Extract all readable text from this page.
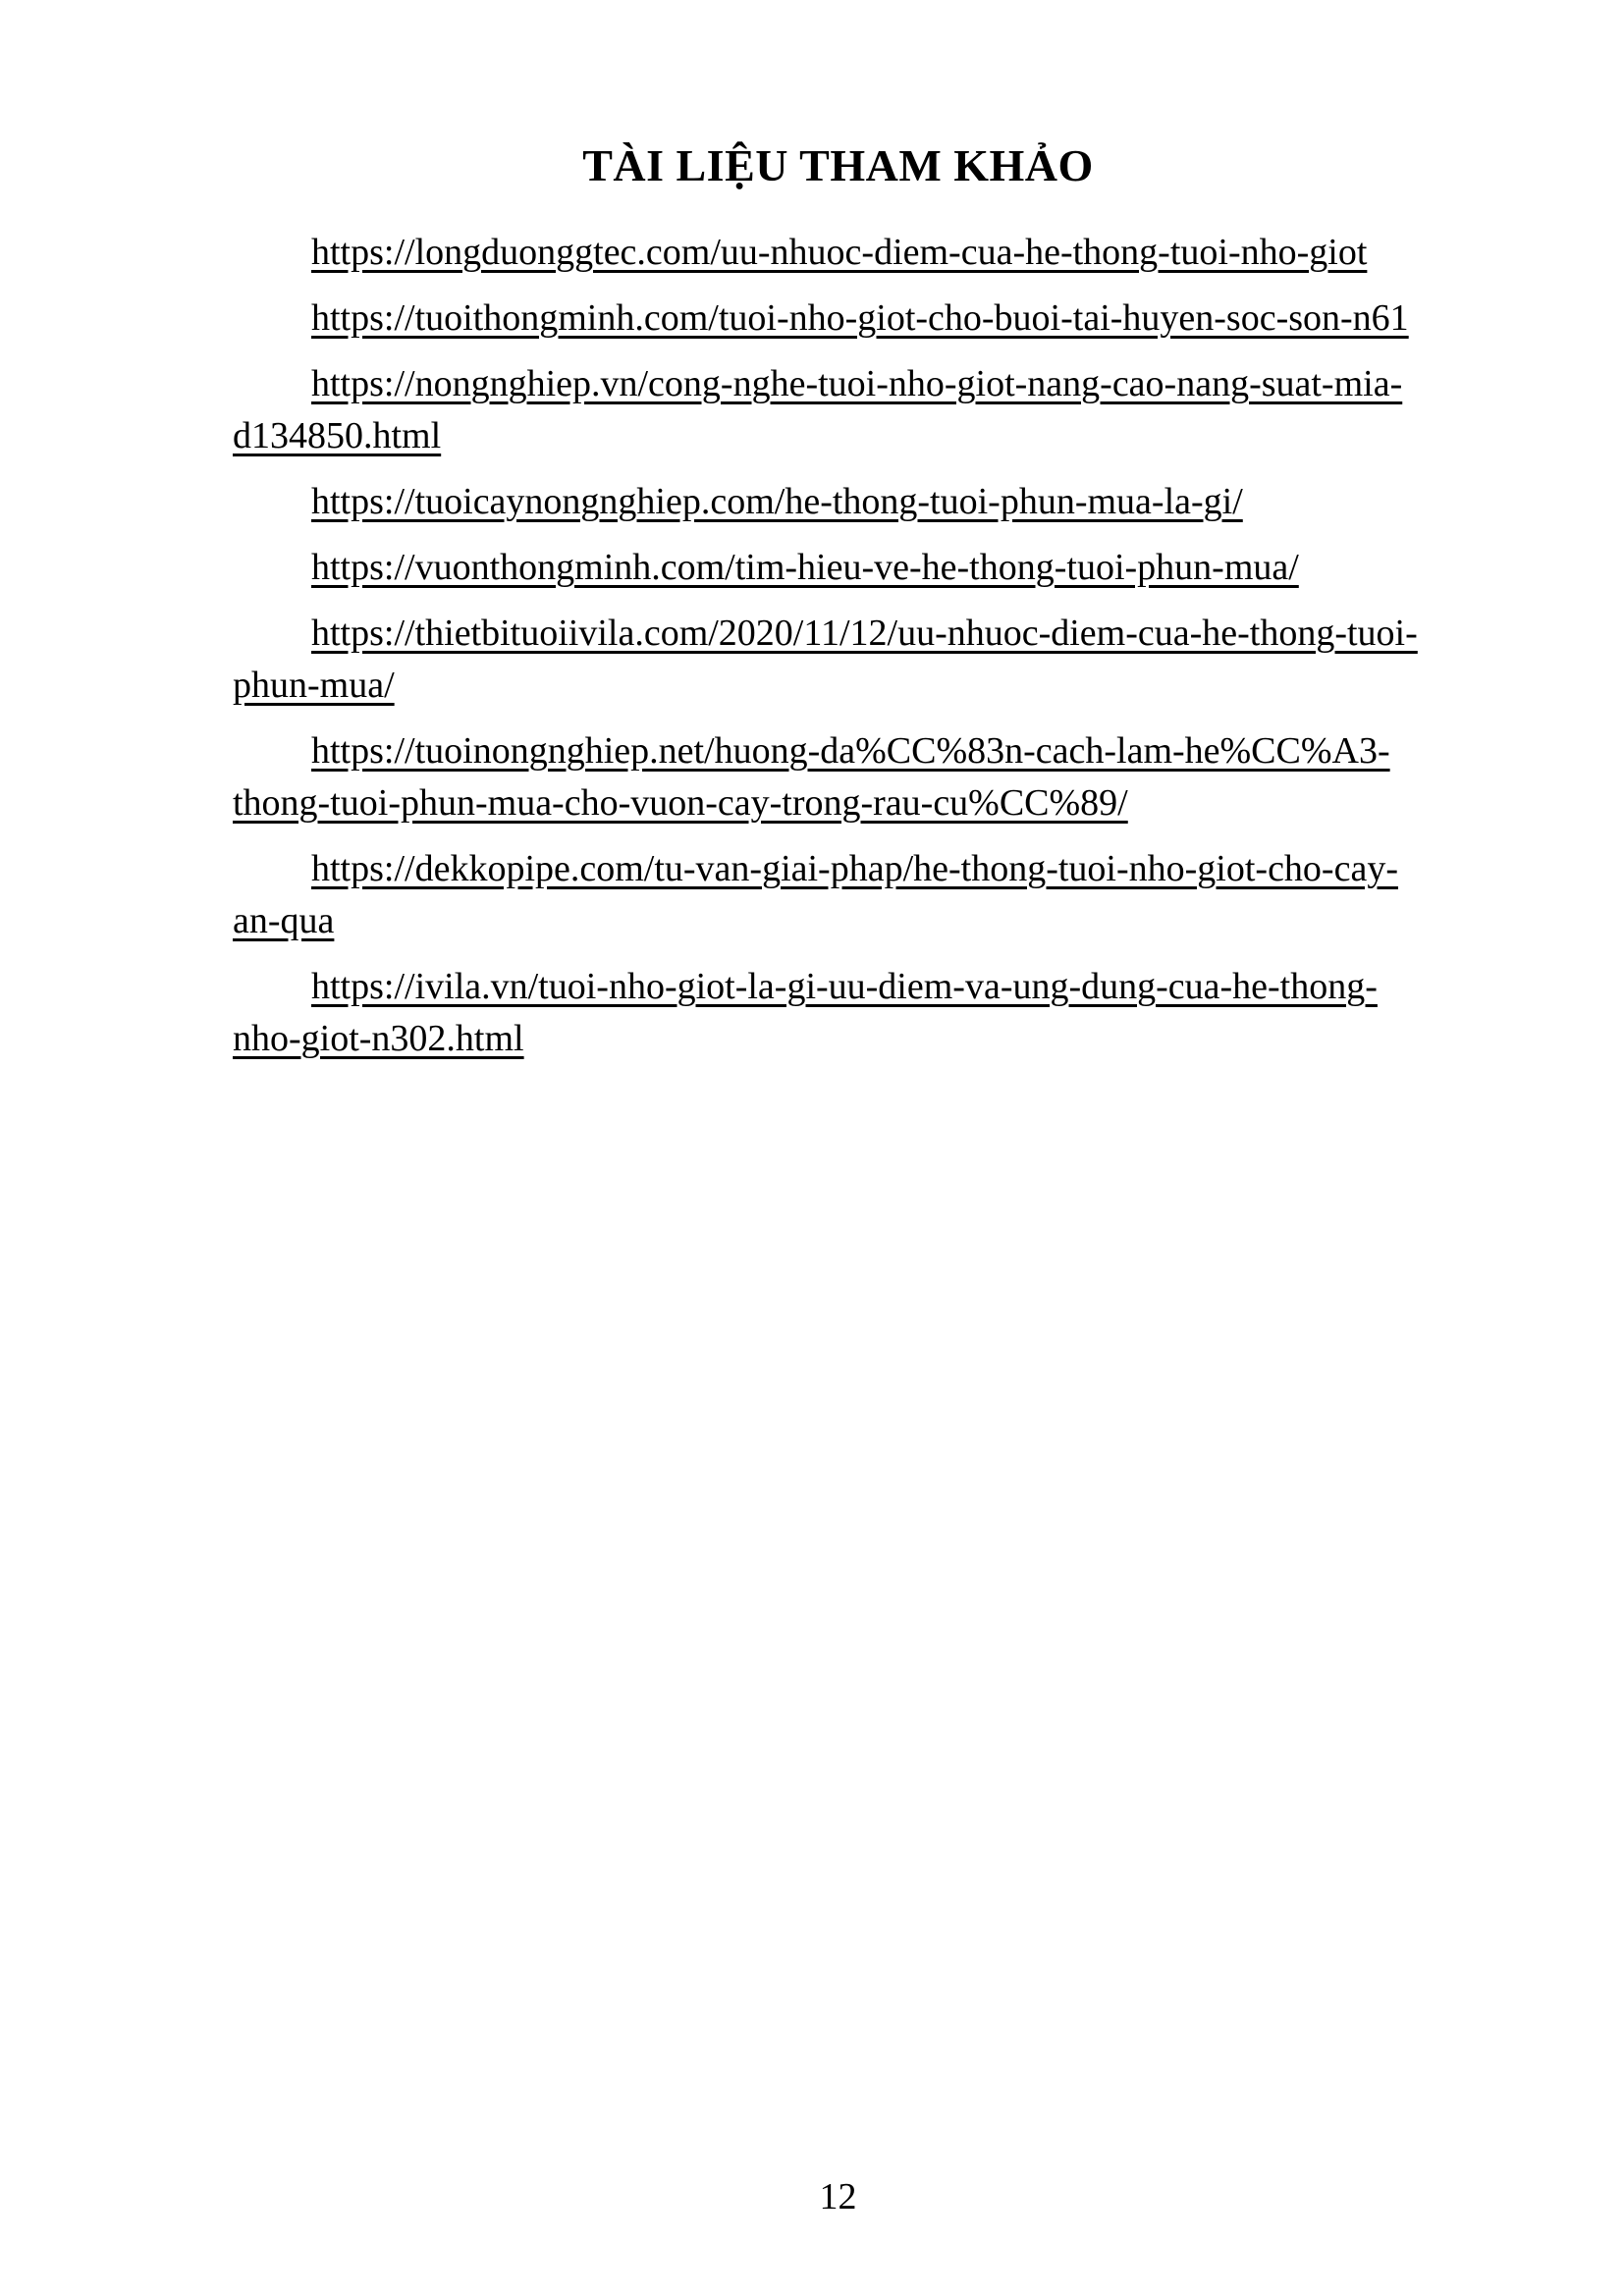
TÀI LIỆU THAM KHẢO

https://longduonggtec.com/uu-nhuoc-diem-cua-he-thong-tuoi-nho-giot

https://tuoithongminh.com/tuoi-nho-giot-cho-buoi-tai-huyen-soc-son-n61

https://nongnghiep.vn/cong-nghe-tuoi-nho-giot-nang-cao-nang-suat-mia-d134850.html

https://tuoicaynongnghiep.com/he-thong-tuoi-phun-mua-la-gi/

https://vuonthongminh.com/tim-hieu-ve-he-thong-tuoi-phun-mua/

https://thietbituoiivila.com/2020/11/12/uu-nhuoc-diem-cua-he-thong-tuoi-phun-mua/

https://tuoinongnghiep.net/huong-da%CC%83n-cach-lam-he%CC%A3-thong-tuoi-phun-mua-cho-vuon-cay-trong-rau-cu%CC%89/

https://dekkopipe.com/tu-van-giai-phap/he-thong-tuoi-nho-giot-cho-cay-an-qua

https://ivila.vn/tuoi-nho-giot-la-gi-uu-diem-va-ung-dung-cua-he-thong-nho-giot-n302.html

12
